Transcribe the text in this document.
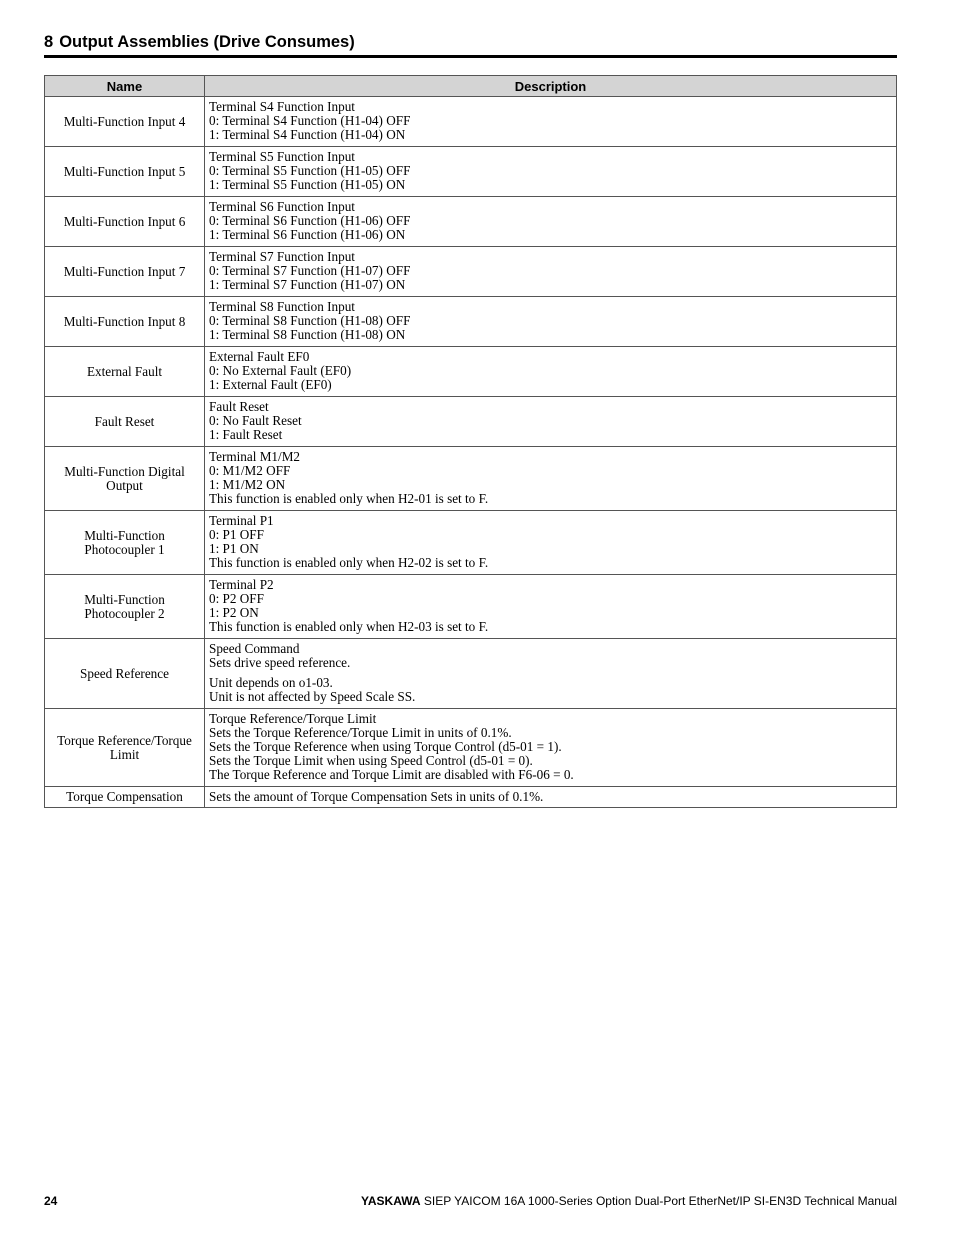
8 Output Assemblies (Drive Consumes)
Name	Description
Multi-Function Input 4	Terminal S4 Function Input
0: Terminal S4 Function (H1-04) OFF
1: Terminal S4 Function (H1-04) ON

Multi-Function Input 5	Terminal S5 Function Input
0: Terminal S5 Function (H1-05) OFF
1: Terminal S5 Function (H1-05) ON

Multi-Function Input 6	Terminal S6 Function Input
0: Terminal S6 Function (H1-06) OFF
1: Terminal S6 Function (H1-06) ON

Multi-Function Input 7	Terminal S7 Function Input
0: Terminal S7 Function (H1-07) OFF
1: Terminal S7 Function (H1-07) ON

Multi-Function Input 8	Terminal S8 Function Input
0: Terminal S8 Function (H1-08) OFF
1: Terminal S8 Function (H1-08) ON

External Fault	External Fault EF0
0: No External Fault (EF0)
1: External Fault (EF0)

Fault Reset	Fault Reset
0: No Fault Reset
1: Fault Reset

Multi-Function Digital Output	Terminal M1/M2
0: M1/M2 OFF
1: M1/M2 ON
This function is enabled only when H2-01 is set to F.

Multi-Function Photocoupler 1	Terminal P1
0: P1 OFF
1: P1 ON
This function is enabled only when H2-02 is set to F.

Multi-Function Photocoupler 2	Terminal P2
0: P2 OFF
1: P2 ON
This function is enabled only when H2-03 is set to F.

Speed Reference	Speed Command
Sets drive speed reference.
Unit depends on o1-03.
Unit is not affected by Speed Scale SS.

Torque Reference/Torque Limit	Torque Reference/Torque Limit
Sets the Torque Reference/Torque Limit in units of 0.1%.
Sets the Torque Reference when using Torque Control (d5-01 = 1).
Sets the Torque Limit when using Speed Control (d5-01 = 0).
The Torque Reference and Torque Limit are disabled with F6-06 = 0.

Torque Compensation	Sets the amount of Torque Compensation Sets in units of 0.1%.
24	YASKAWA SIEP YAICOM 16A 1000-Series Option Dual-Port EtherNet/IP SI-EN3D Technical Manual
